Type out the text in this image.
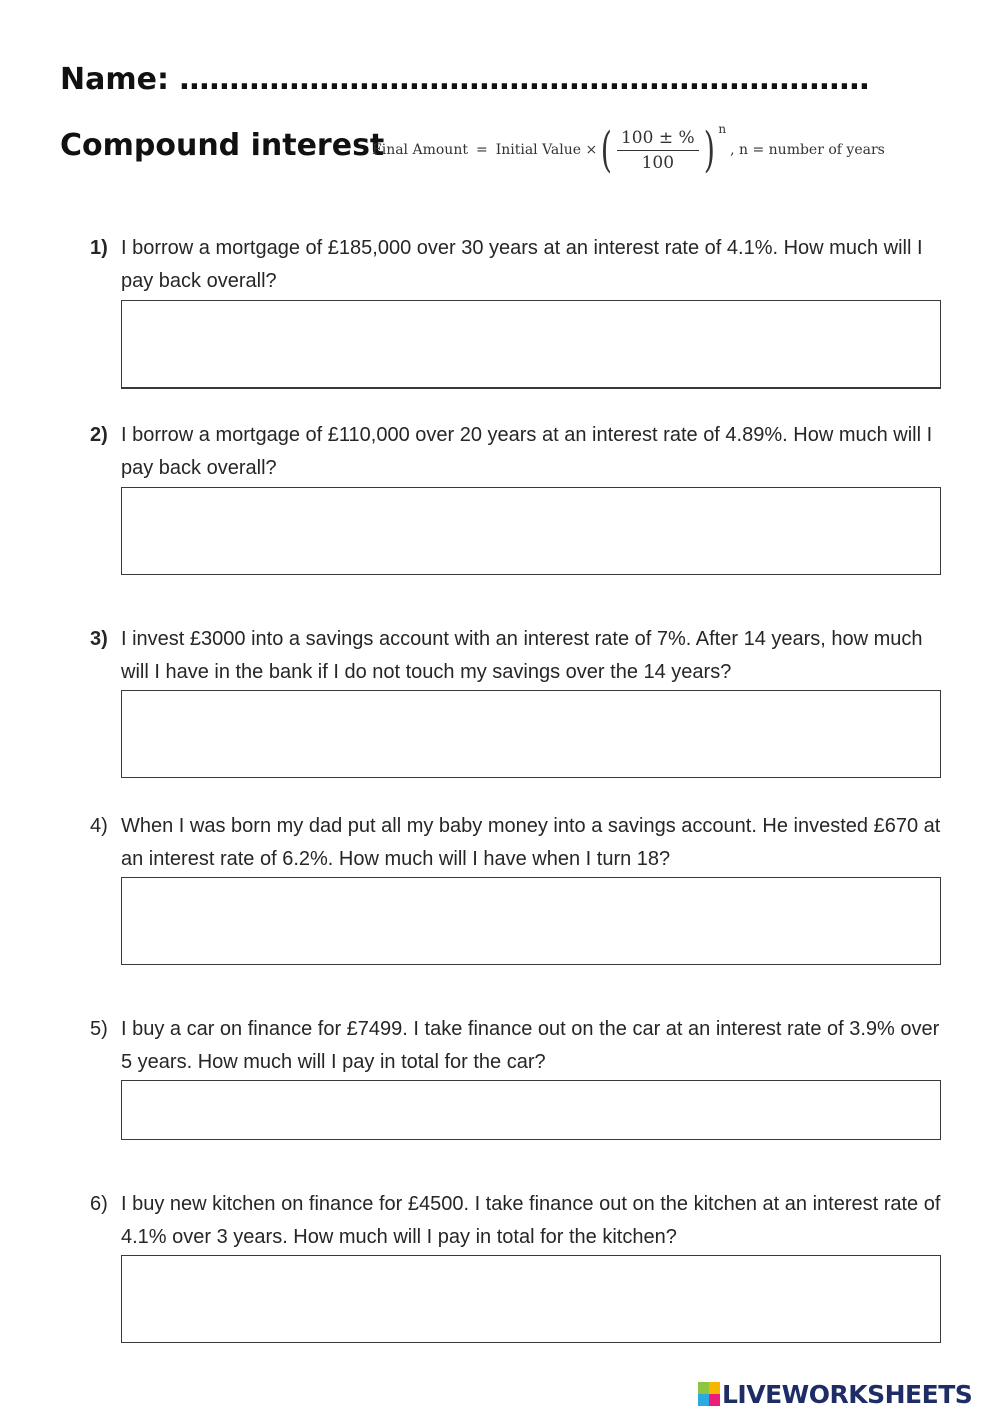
Name: ……………………………………………………………
Compound interest
Final Amount = Initial Value × ( $\frac{100 \pm \%}{100}$ ) n
, n = number of years
1) I borrow a mortgage of £185,000 over 30 years at an interest rate of 4.1%. How much will I pay back overall?
2) I borrow a mortgage of £110,000 over 20 years at an interest rate of 4.89%. How much will I pay back overall?
3) I invest £3000 into a savings account with an interest rate of 7%. After 14 years, how much will I have in the bank if I do not touch my savings over the 14 years?
4) When I was born my dad put all my baby money into a savings account. He invested £670 at an interest rate of 6.2%. How much will I have when I turn 18?
5) I buy a car on finance for £7499. I take finance out on the car at an interest rate of 3.9% over 5 years. How much will I pay in total for the car?
6) I buy new kitchen on finance for £4500. I take finance out on the kitchen at an interest rate of 4.1% over 3 years. How much will I pay in total for the kitchen?
LIVEWORKSHEETS
